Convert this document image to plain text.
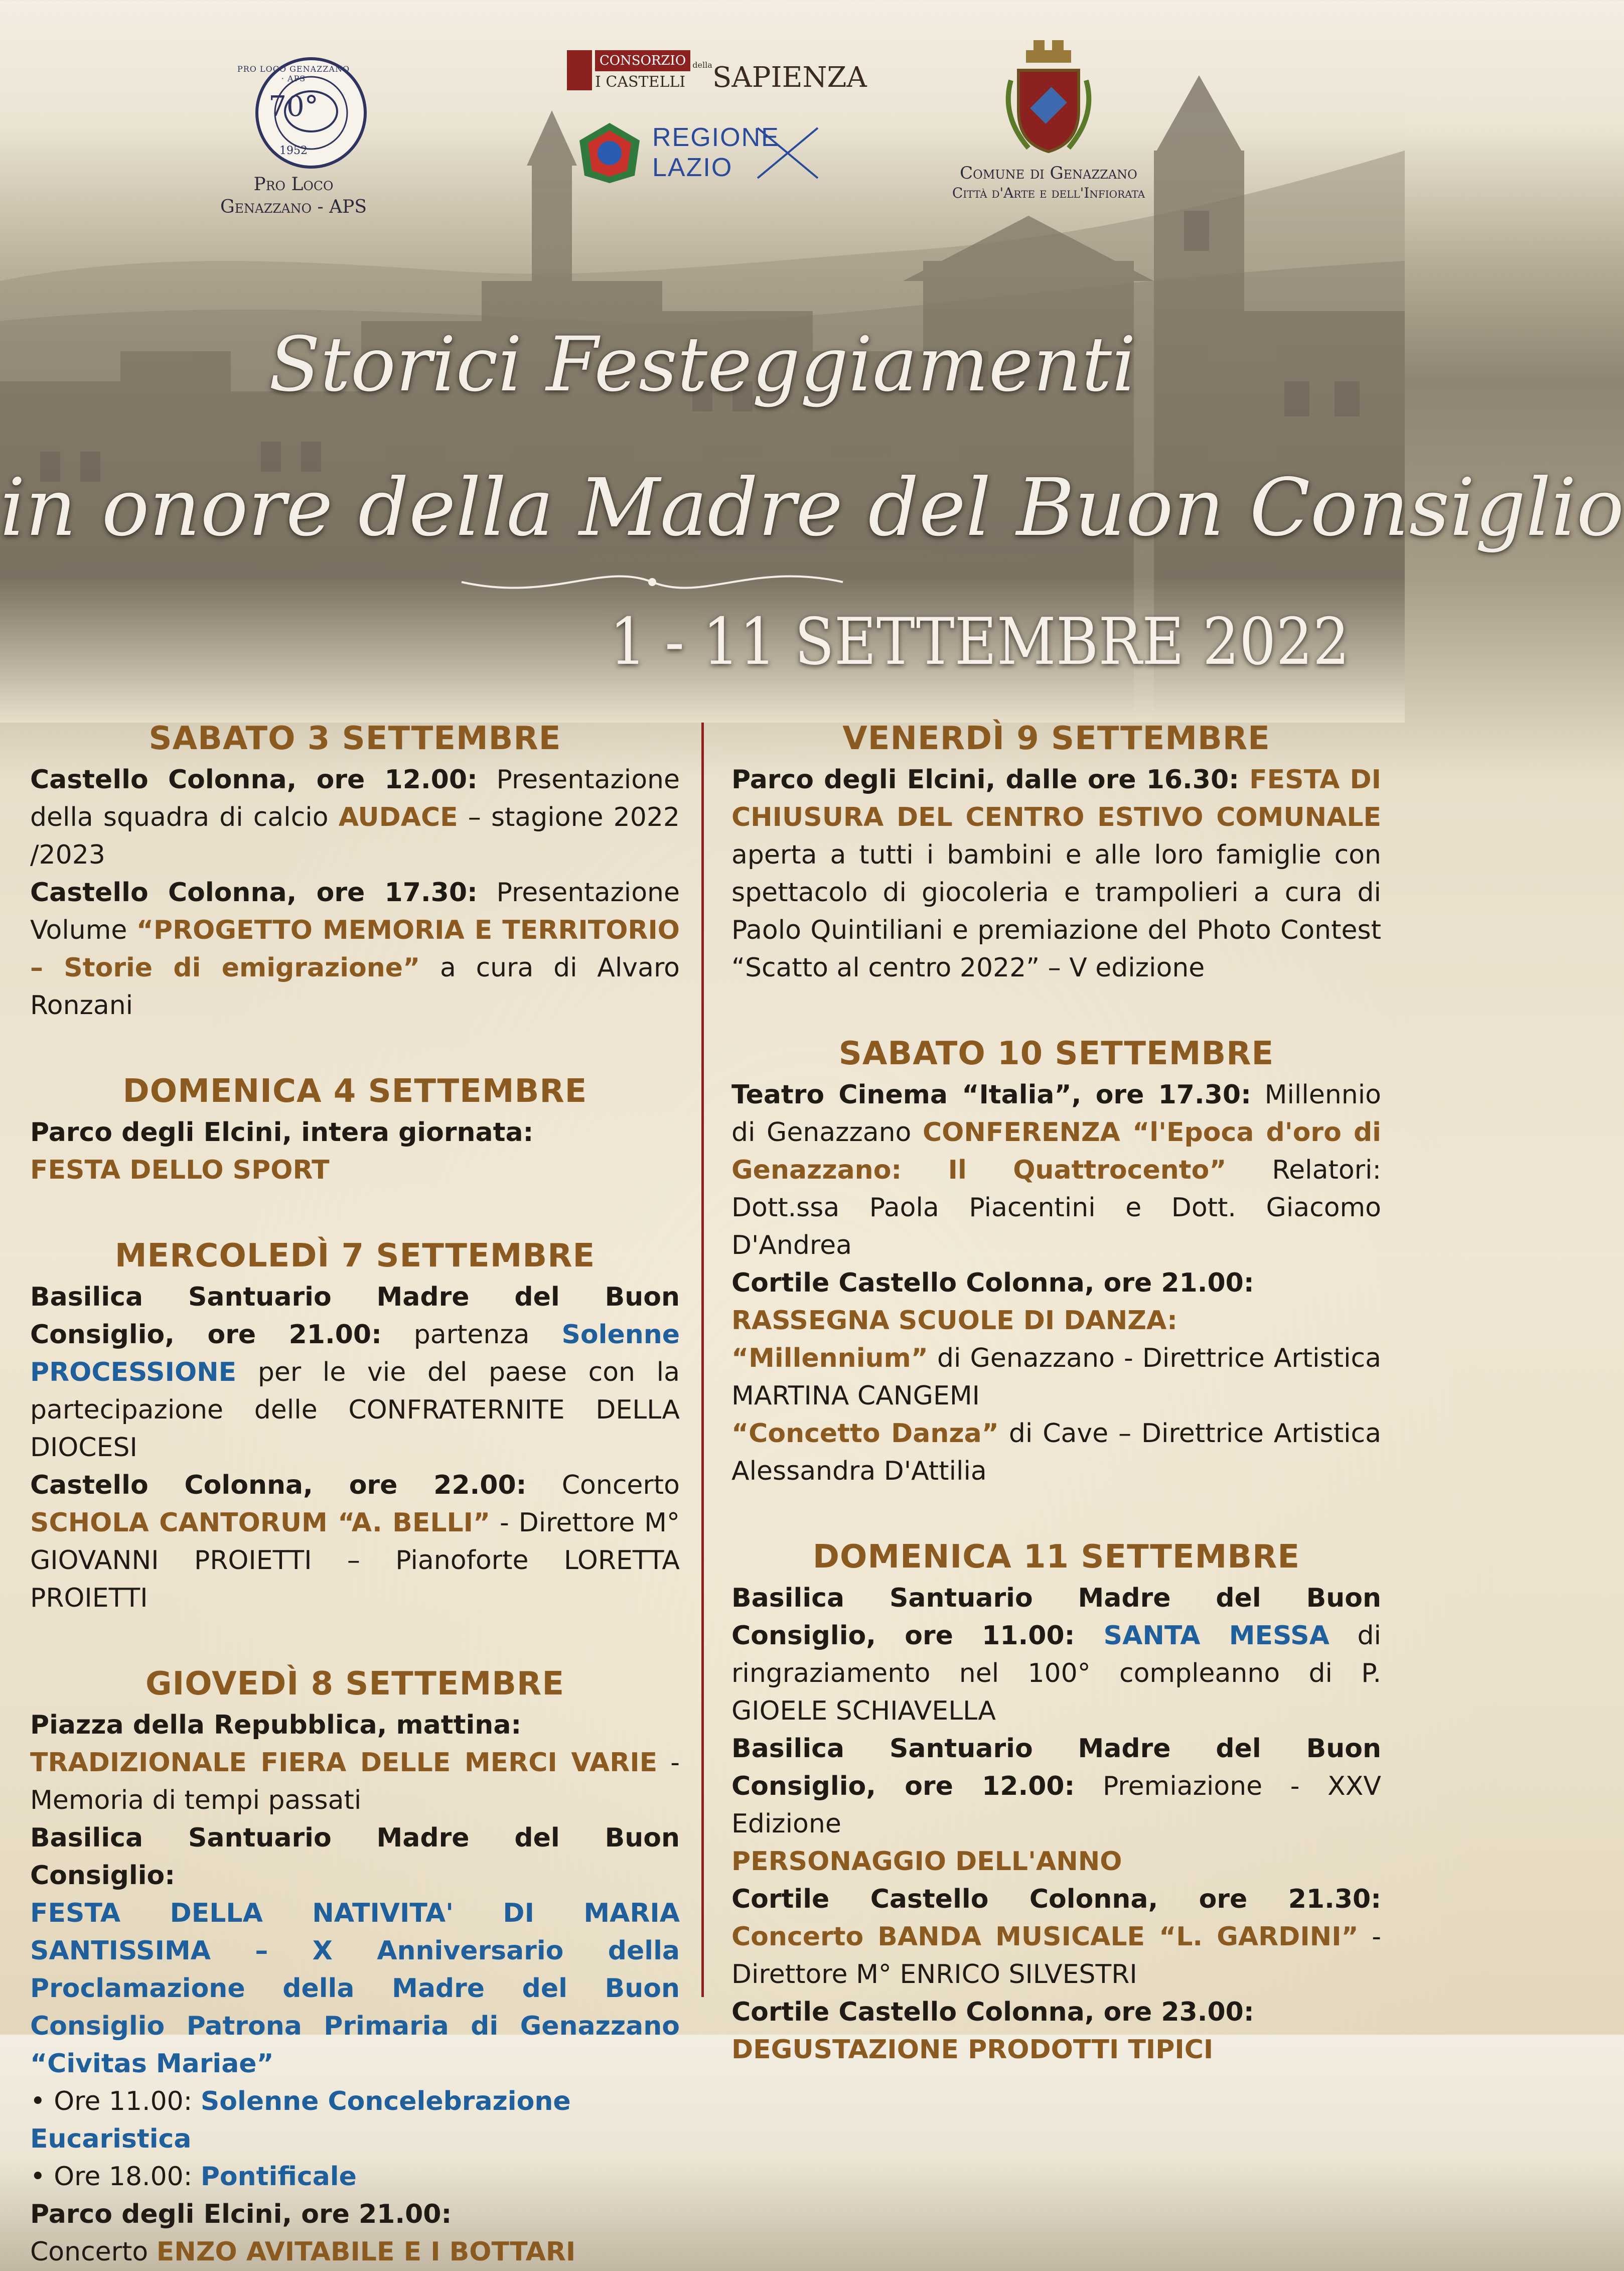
70°
PRO LOCO GENAZZANO · APS
1952
Pro Loco
Genazzano - APS
CONSORZIO
I CASTELLI
della SAPIENZA
REGIONE
LAZIO	Comune di Genazzano
Città d'Arte e dell'Infiorata
Storici Festeggiamenti
in onore della Madre del Buon Consiglio
1 - 11 SETTEMBRE 2022
SABATO 3 SETTEMBRE

Castello Colonna, ore 12.00: Presentazione della squadra di calcio AUDACE – stagione 2022 /2023

Castello Colonna, ore 17.30: Presentazione Volume “PROGETTO MEMORIA E TERRITORIO – Storie di emigrazione” a cura di Alvaro Ronzani

DOMENICA 4 SETTEMBRE

Parco degli Elcini, intera giornata:
FESTA DELLO SPORT

MERCOLEDÌ 7 SETTEMBRE

Basilica Santuario Madre del Buon Consiglio, ore 21.00: partenza Solenne PROCESSIONE per le vie del paese con la partecipazione delle CONFRATERNITE DELLA DIOCESI

Castello Colonna, ore 22.00: Concerto SCHOLA CANTORUM “A. BELLI” - Direttore M° GIOVANNI PROIETTI – Pianoforte LORETTA PROIETTI

GIOVEDÌ 8 SETTEMBRE

Piazza della Repubblica, mattina:
TRADIZIONALE FIERA DELLE MERCI VARIE - Memoria di tempi passati

Basilica Santuario Madre del Buon Consiglio:
FESTA DELLA NATIVITA' DI MARIA SANTISSIMA – X Anniversario della Proclamazione della Madre del Buon Consiglio Patrona Primaria di Genazzano “Civitas Mariae”

• Ore 11.00: Solenne Concelebrazione Eucaristica

• Ore 18.00: Pontificale

Parco degli Elcini, ore 21.00:
Concerto ENZO AVITABILE E I BOTTARI

VENERDÌ 9 SETTEMBRE

Parco degli Elcini, dalle ore 16.30: FESTA DI CHIUSURA DEL CENTRO ESTIVO COMUNALE aperta a tutti i bambini e alle loro famiglie con spettacolo di giocoleria e trampolieri a cura di Paolo Quintiliani e premiazione del Photo Contest “Scatto al centro 2022” – V edizione

SABATO 10 SETTEMBRE

Teatro Cinema “Italia”, ore 17.30: Millennio di Genazzano CONFERENZA “l'Epoca d'oro di Genazzano: Il Quattrocento” Relatori: Dott.ssa Paola Piacentini e Dott. Giacomo D'Andrea

Cortile Castello Colonna, ore 21.00:
RASSEGNA SCUOLE DI DANZA:

“Millennium” di Genazzano - Direttrice Artistica MARTINA CANGEMI

“Concetto Danza” di Cave – Direttrice Artistica Alessandra D'Attilia

DOMENICA 11 SETTEMBRE

Basilica Santuario Madre del Buon Consiglio, ore 11.00: SANTA MESSA di ringraziamento nel 100° compleanno di P. GIOELE SCHIAVELLA

Basilica Santuario Madre del Buon Consiglio, ore 12.00: Premiazione - XXV Edizione
PERSONAGGIO DELL'ANNO

Cortile Castello Colonna, ore 21.30: Concerto BANDA MUSICALE “L. GARDINI” - Direttore M° ENRICO SILVESTRI

Cortile Castello Colonna, ore 23.00:
DEGUSTAZIONE PRODOTTI TIPICI
